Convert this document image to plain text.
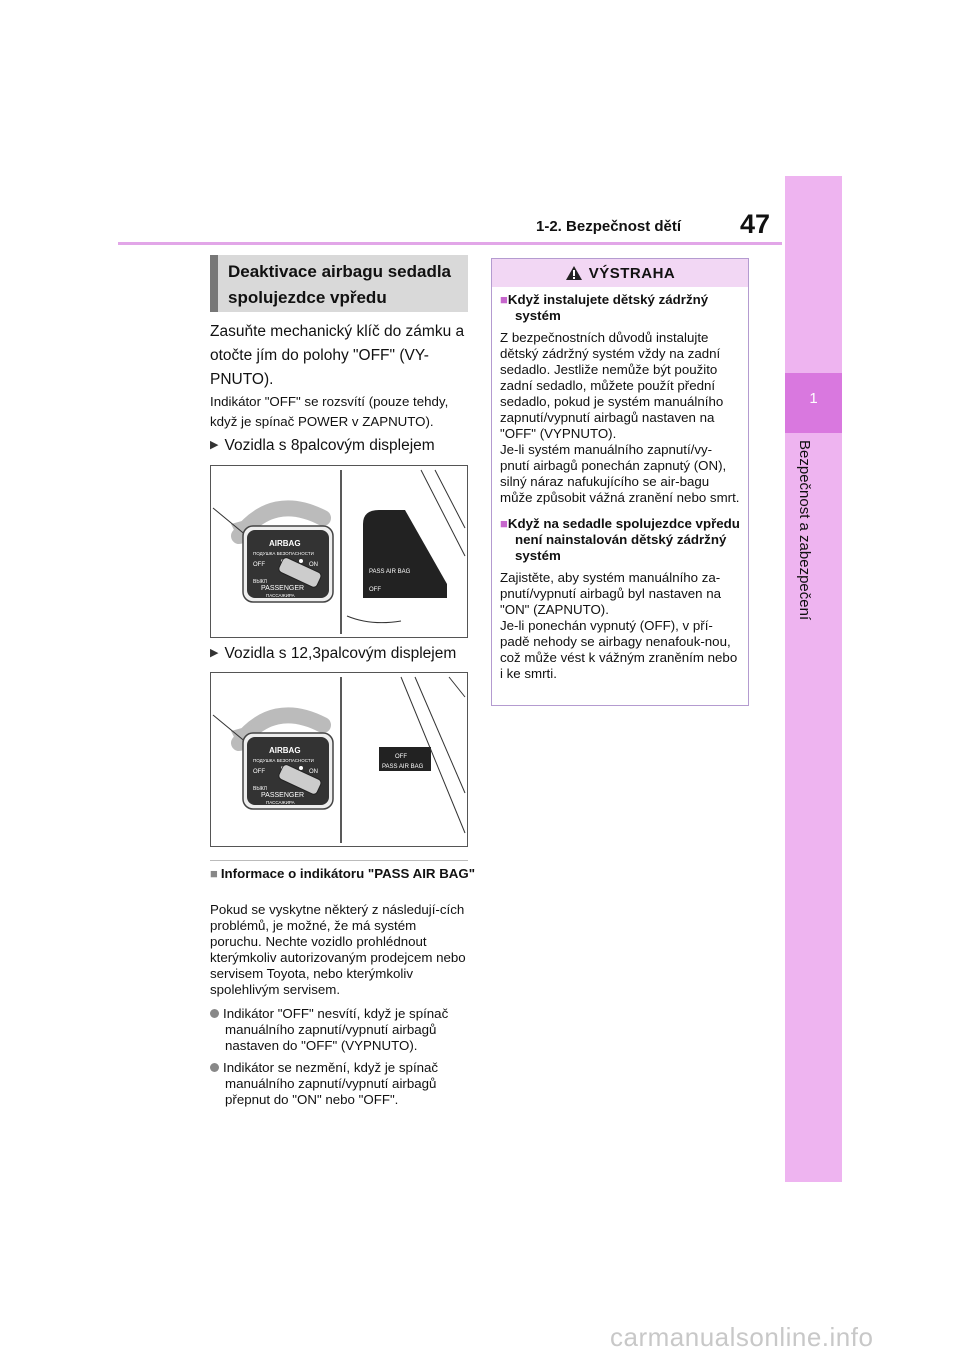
1-2. Bezpečnost dětí 47
1
Bezpečnost a zabezpečení
Deaktivace airbagu sedadla spolujezdce vpředu
Zasuňte mechanický klíč do zámku a otočte jím do polohy "OFF" (VY-PNUTO).
Indikátor "OFF" se rozsvítí (pouze tehdy, když je spínač POWER v ZAPNUTO).
▶ Vozidla s 8palcovým displejem
AIRBAG
ПОДУШКА БЕЗОПАСНОСТИ
OFF	ON
ВЫКЛ
PASSENGER
ПАССАЖИРА
PASS AIR BAG
OFF
▶ Vozidla s 12,3palcovým displejem
AIRBAG
ПОДУШКА БЕЗОПАСНОСТИ
OFF	ON
ВЫКЛ
PASSENGER
ПАССАЖИРА
OFF
PASS AIR BAG
■ Informace o indikátoru "PASS AIR BAG"
Pokud se vyskytne některý z následují-cích problémů, je možné, že má systém poruchu. Nechte vozidlo prohlédnout kterýmkoliv autorizovaným prodejcem nebo servisem Toyota, nebo kterýmkoliv spolehlivým servisem.
Indikátor "OFF" nesvítí, když je spínač manuálního zapnutí/vypnutí airbagů nastaven do "OFF" (VYPNUTO).
Indikátor se nezmění, když je spínač manuálního zapnutí/vypnutí airbagů přepnut do "ON" nebo "OFF".
VÝSTRAHA
■Když instalujete dětský zádržný systém
Z bezpečnostních důvodů instalujte dětský zádržný systém vždy na zadní sedadlo. Jestliže nemůže být použito zadní sedadlo, můžete použít přední sedadlo, pokud je systém manuálního zapnutí/vypnutí airbagů nastaven na "OFF" (VYPNUTO).
Je-li systém manuálního zapnutí/vy-pnutí airbagů ponechán zapnutý (ON), silný náraz nafukujícího se air-bagu může způsobit vážná zranění nebo smrt.
■Když na sedadle spolujezdce vpředu není nainstalován dětský zádržný systém
Zajistěte, aby systém manuálního za-pnutí/vypnutí airbagů byl nastaven na "ON" (ZAPNUTO).
Je-li ponechán vypnutý (OFF), v pří-padě nehody se airbagy nenafouk-nou, což může vést k vážným zraněním nebo i ke smrti.
carmanualsonline.info
